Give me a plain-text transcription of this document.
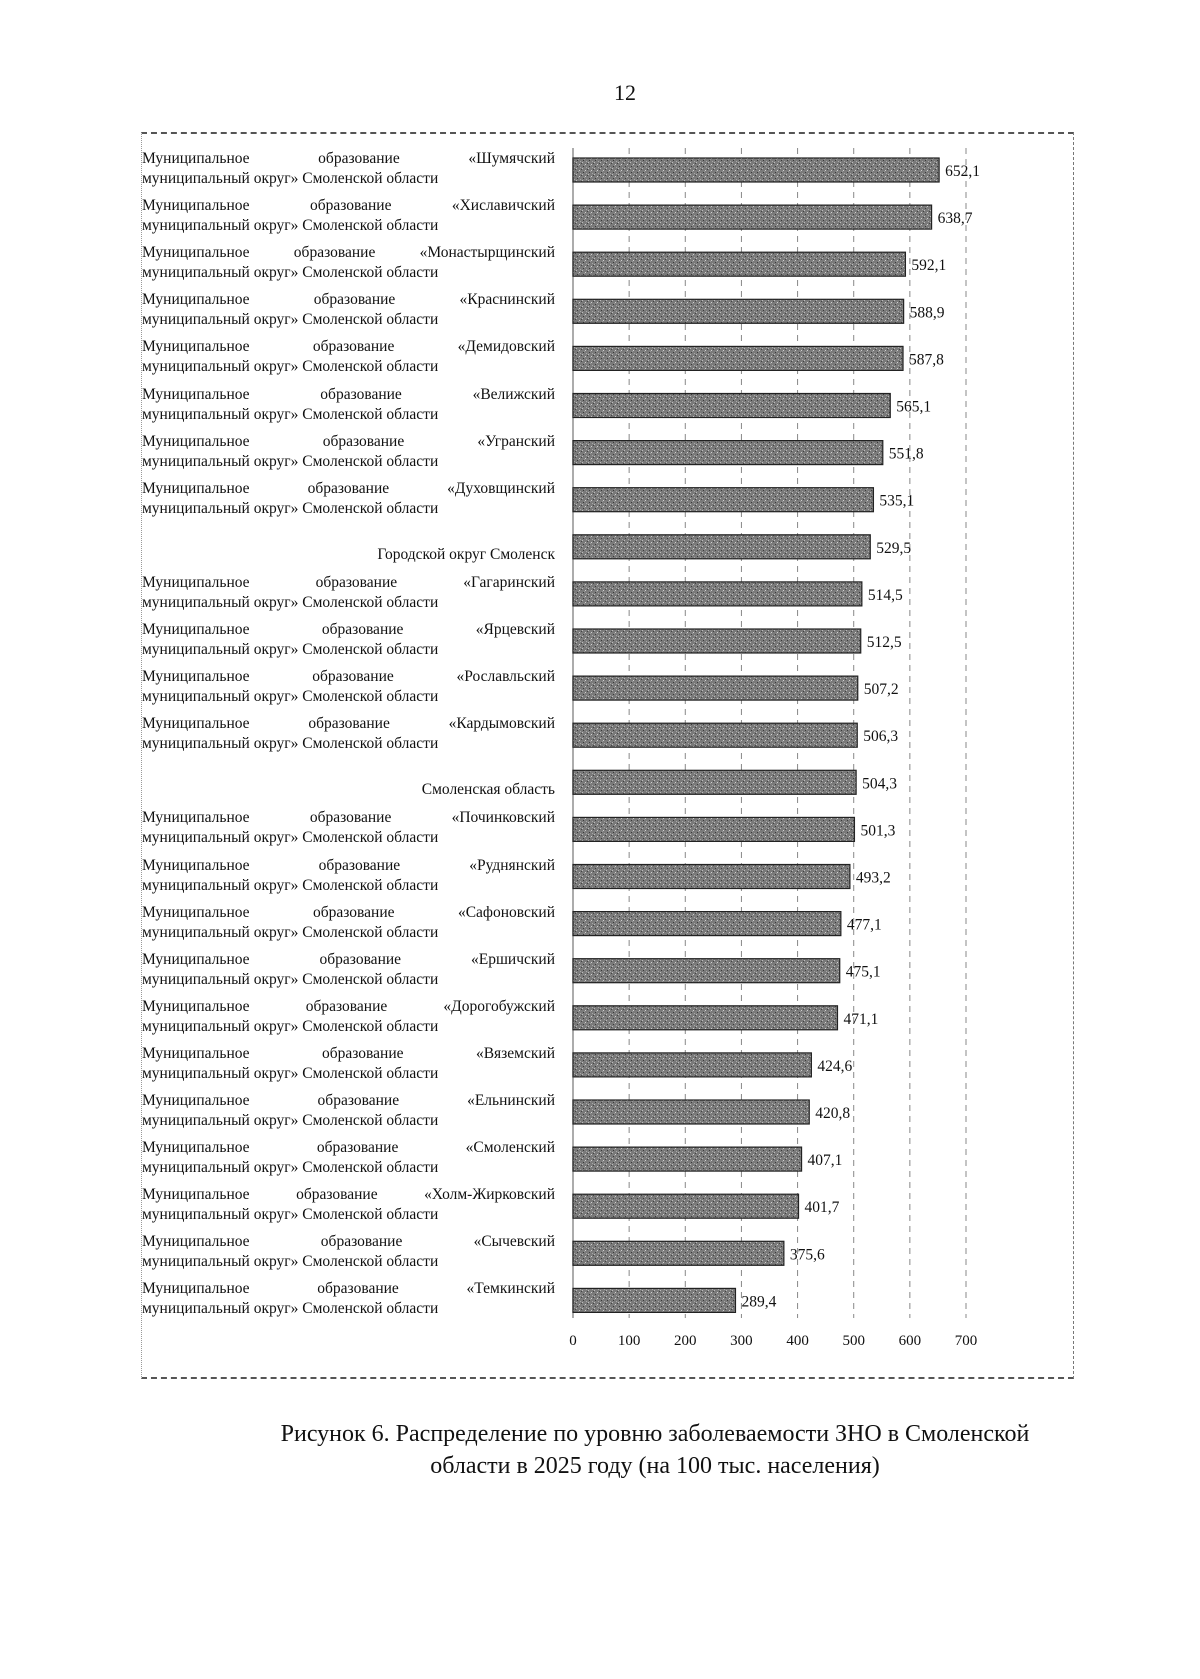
12
Муниципальное образование «Шумячский
муниципальный округ» Смоленской области
Муниципальное образование «Хиславичский
муниципальный округ» Смоленской области
Муниципальное образование «Монастырщинский
муниципальный округ» Смоленской области
Муниципальное образование «Краснинский
муниципальный округ» Смоленской области
Муниципальное образование «Демидовский
муниципальный округ» Смоленской области
Муниципальное образование «Велижский
муниципальный округ» Смоленской области
Муниципальное образование «Угранский
муниципальный округ» Смоленской области
Муниципальное образование «Духовщинский
муниципальный округ» Смоленской области
Городской округ Смоленск
Муниципальное образование «Гагаринский
муниципальный округ» Смоленской области
Муниципальное образование «Ярцевский
муниципальный округ» Смоленской области
Муниципальное образование «Рославльский
муниципальный округ» Смоленской области
Муниципальное образование «Кардымовский
муниципальный округ» Смоленской области
Смоленская область
Муниципальное образование «Починковский
муниципальный округ» Смоленской области
Муниципальное образование «Руднянский
муниципальный округ» Смоленской области
Муниципальное образование «Сафоновский
муниципальный округ» Смоленской области
Муниципальное образование «Ершичский
муниципальный округ» Смоленской области
Муниципальное образование «Дорогобужский
муниципальный округ» Смоленской области
Муниципальное образование «Вяземский
муниципальный округ» Смоленской области
Муниципальное образование «Ельнинский
муниципальный округ» Смоленской области
Муниципальное образование «Смоленский
муниципальный округ» Смоленской области
Муниципальное образование «Холм-Жирковский
муниципальный округ» Смоленской области
Муниципальное образование «Сычевский
муниципальный округ» Смоленской области
Муниципальное образование «Темкинский
муниципальный округ» Смоленской области
652,1
638,7
592,1
588,9
587,8
565,1
551,8
535,1
529,5
514,5
512,5
507,2
506,3
504,3
501,3
493,2
477,1
475,1
471,1
424,6
420,8
407,1
401,7
375,6
289,4
0	100 200 300 400 500 600 700
Рисунок 6. Распределение по уровню заболеваемости ЗНО в Смоленской
области в 2025 году (на 100 тыс. населения)
